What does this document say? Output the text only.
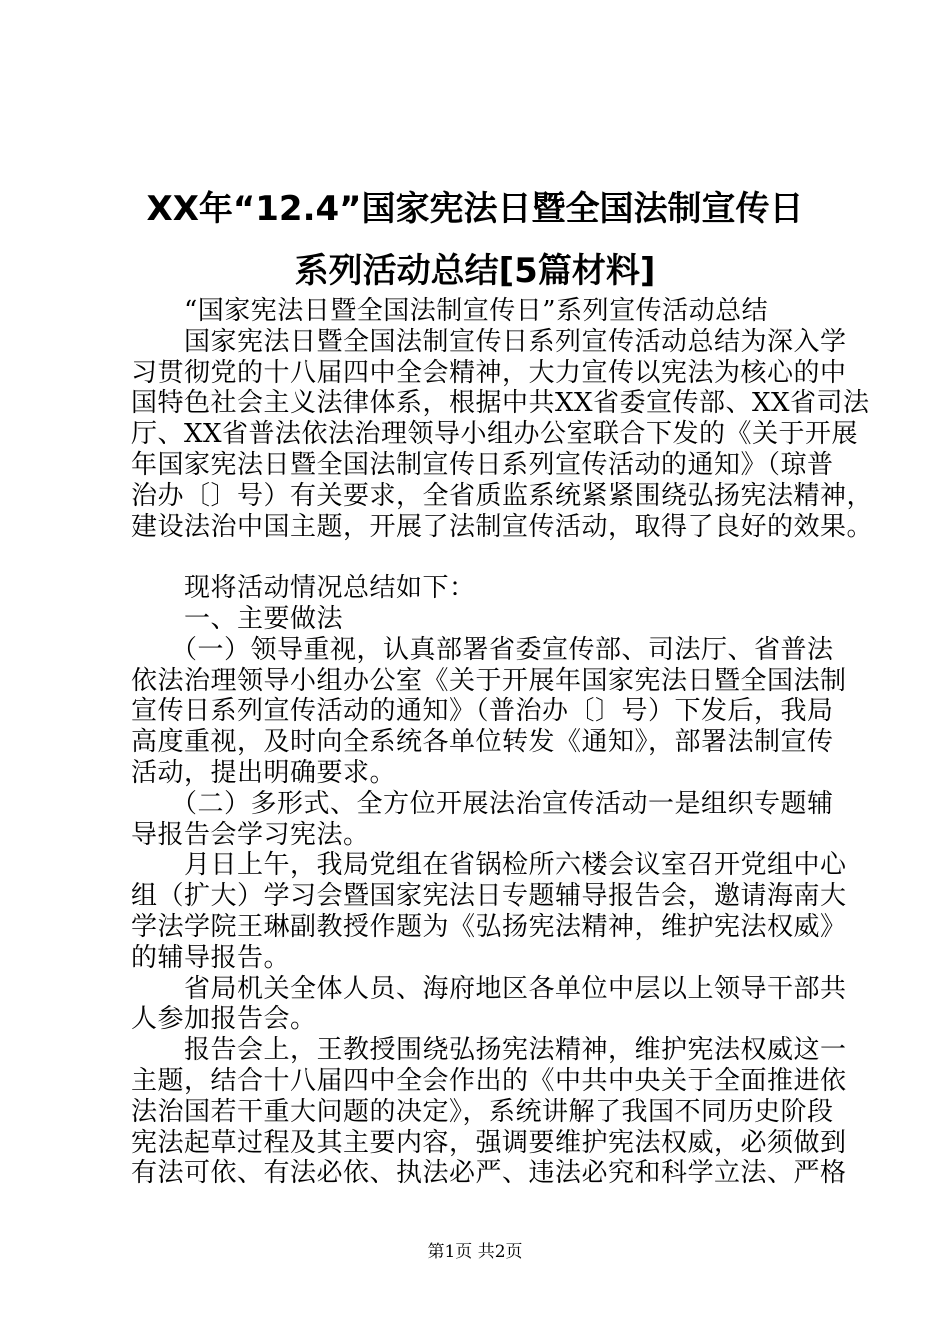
XX年“12.4”国家宪法日暨全国法制宣传日
系列活动总结[5篇材料]
　　“国家宪法日暨全国法制宣传日”系列宣传活动总结
　　国家宪法日暨全国法制宣传日系列宣传活动总结为深入学
习贯彻党的十八届四中全会精神，大力宣传以宪法为核心的中
国特色社会主义法律体系，根据中共XX省委宣传部、XX省司法
厅、XX省普法依法治理领导小组办公室联合下发的《关于开展
年国家宪法日暨全国法制宣传日系列宣传活动的通知》（琼普
治办〔〕号）有关要求，全省质监系统紧紧围绕弘扬宪法精神，
建设法治中国主题，开展了法制宣传活动，取得了良好的效果。
　　现将活动情况总结如下：
　　一、主要做法
　　（一）领导重视，认真部署省委宣传部、司法厅、省普法
依法治理领导小组办公室《关于开展年国家宪法日暨全国法制
宣传日系列宣传活动的通知》（普治办〔〕号）下发后，我局
高度重视，及时向全系统各单位转发《通知》，部署法制宣传
活动，提出明确要求。
　　（二）多形式、全方位开展法治宣传活动一是组织专题辅
导报告会学习宪法。
　　月日上午，我局党组在省锅检所六楼会议室召开党组中心
组（扩大）学习会暨国家宪法日专题辅导报告会，邀请海南大
学法学院王琳副教授作题为《弘扬宪法精神，维护宪法权威》
的辅导报告。
　　省局机关全体人员、海府地区各单位中层以上领导干部共
人参加报告会。
　　报告会上，王教授围绕弘扬宪法精神，维护宪法权威这一
主题，结合十八届四中全会作出的《中共中央关于全面推进依
法治国若干重大问题的决定》，系统讲解了我国不同历史阶段
宪法起草过程及其主要内容，强调要维护宪法权威，必须做到
有法可依、有法必依、执法必严、违法必究和科学立法、严格
第1页 共2页
